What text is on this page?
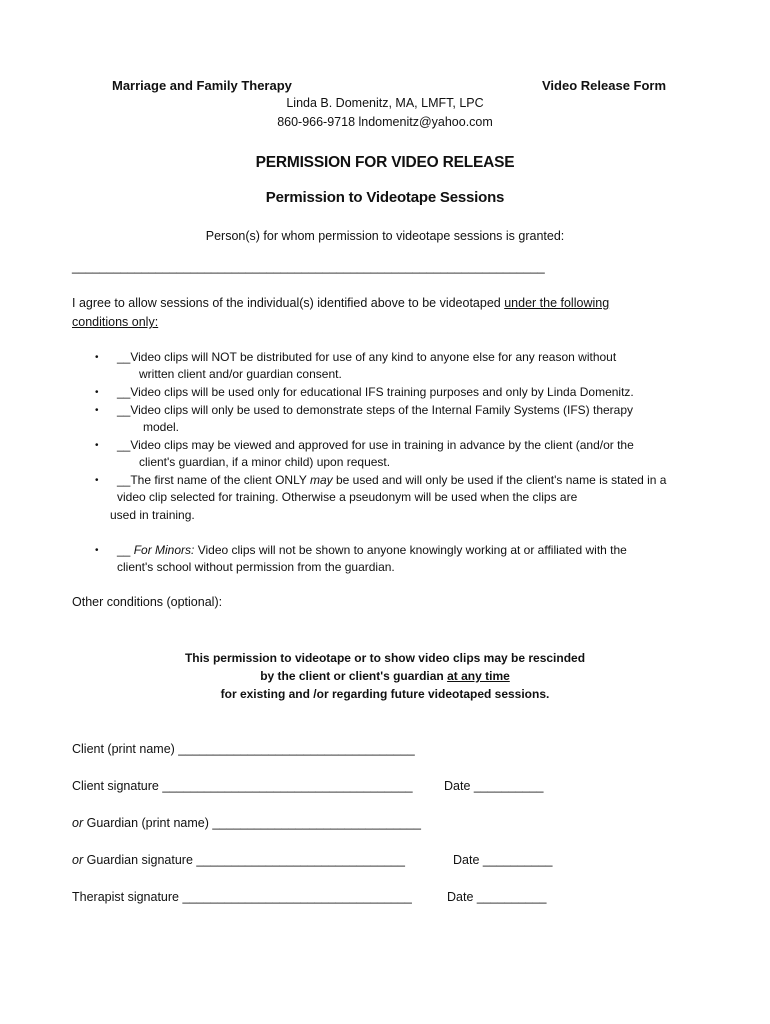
Marriage and Family Therapy	Video Release Form
Linda B. Domenitz, MA, LMFT, LPC
860-966-9718 lndomenitz@yahoo.com
PERMISSION FOR VIDEO RELEASE
Permission to Videotape Sessions
Person(s) for whom permission to videotape sessions is granted:
____________________________________________________________________
I agree to allow sessions of the individual(s) identified above to be videotaped under the following
conditions only:
• __Video clips will NOT be distributed for use of any kind to anyone else for any reason without
written client and/or guardian consent.
• __Video clips will be used only for educational IFS training purposes and only by Linda Domenitz.
• __Video clips will only be used to demonstrate steps of the Internal Family Systems (IFS) therapy
model.
• __Video clips may be viewed and approved for use in training in advance by the client (and/or the
client's guardian, if a minor child) upon request.
• __The first name of the client ONLY may be used and will only be used if the client's name is stated in a
video clip selected for training. Otherwise a pseudonym will be used when the clips are
used in training.
• __ For Minors: Video clips will not be shown to anyone knowingly working at or affiliated with the
client's school without permission from the guardian.
Other conditions (optional):
This permission to videotape or to show video clips may be rescinded
by the client or client's guardian at any time
for existing and /or regarding future videotaped sessions.
Client (print name) __________________________________
Client signature ____________________________________	Date __________
or Guardian (print name) ______________________________
or Guardian signature ______________________________	Date __________
Therapist signature _________________________________	Date __________
